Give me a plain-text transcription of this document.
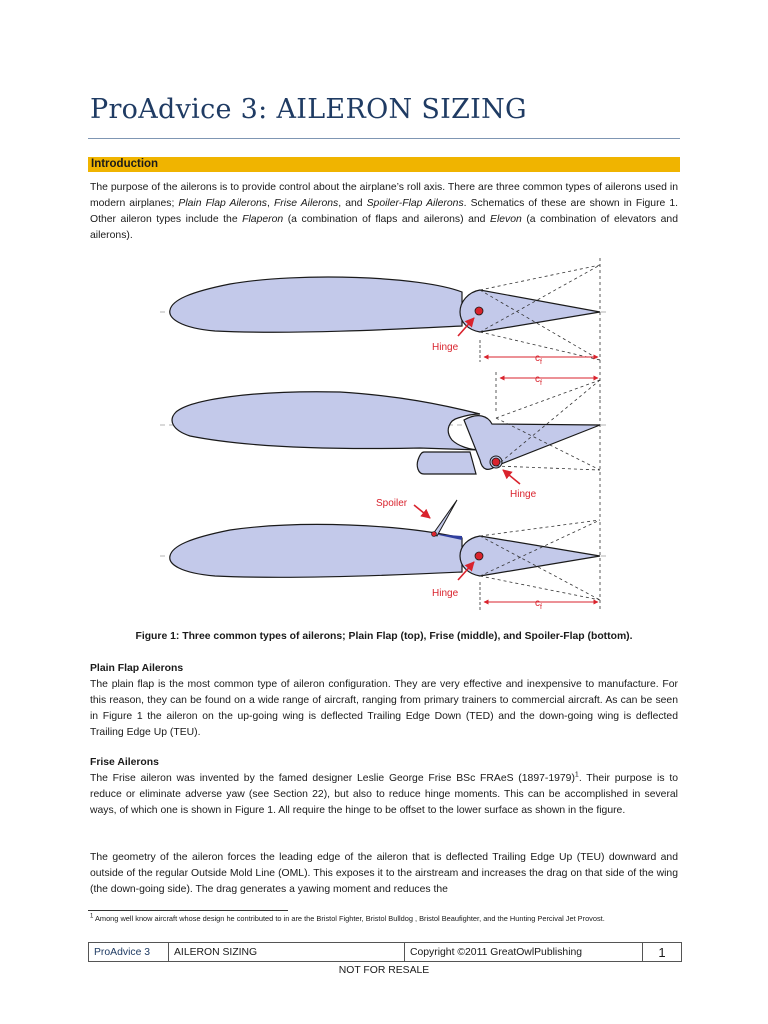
ProAdvice 3: AILERON SIZING
Introduction

The purpose of the ailerons is to provide control about the airplane’s roll axis. There are three common types of ailerons used in modern airplanes; Plain Flap Ailerons, Frise Ailerons, and Spoiler-Flap Ailerons. Schematics of these are shown in Figure 1. Other aileron types include the Flaperon (a combination of flaps and ailerons) and Elevon (a combination of elevators and ailerons).

Hinge
$c_f$
Hinge
$c_f$
Hinge
Spoiler
$c_f$
Figure 1: Three common types of ailerons; Plain Flap (top), Frise (middle), and Spoiler-Flap (bottom).
Plain Flap Ailerons

The plain flap is the most common type of aileron configuration. They are very effective and inexpensive to manufacture. For this reason, they can be found on a wide range of aircraft, ranging from primary trainers to commercial aircraft. As can be seen in Figure 1 the aileron on the up-going wing is deflected Trailing Edge Down (TED) and the down-going wing is deflected Trailing Edge Up (TEU).

Frise Ailerons

The Frise aileron was invented by the famed designer Leslie George Frise BSc FRAeS (1897-1979)$^1$. Their purpose is to reduce or eliminate adverse yaw (see Section 22), but also to reduce hinge moments. This can be accomplished in several ways, of which one is shown in Figure 1. All require the hinge to be offset to the lower surface as shown in the figure.

The geometry of the aileron forces the leading edge of the aileron that is deflected Trailing Edge Up (TEU) downward and outside of the regular Outside Mold Line (OML). This exposes it to the airstream and increases the drag on that side of the wing (the down-going side). The drag generates a yawing moment and reduces the

$^1$ Among well know aircraft whose design he contributed to in are the Bristol Fighter, Bristol Bulldog , Bristol Beaufighter, and the Hunting Percival Jet Provost.

ProAdvice 3	AILERON SIZING	Copyright ©2011 GreatOwlPublishing	1
NOT FOR RESALE
